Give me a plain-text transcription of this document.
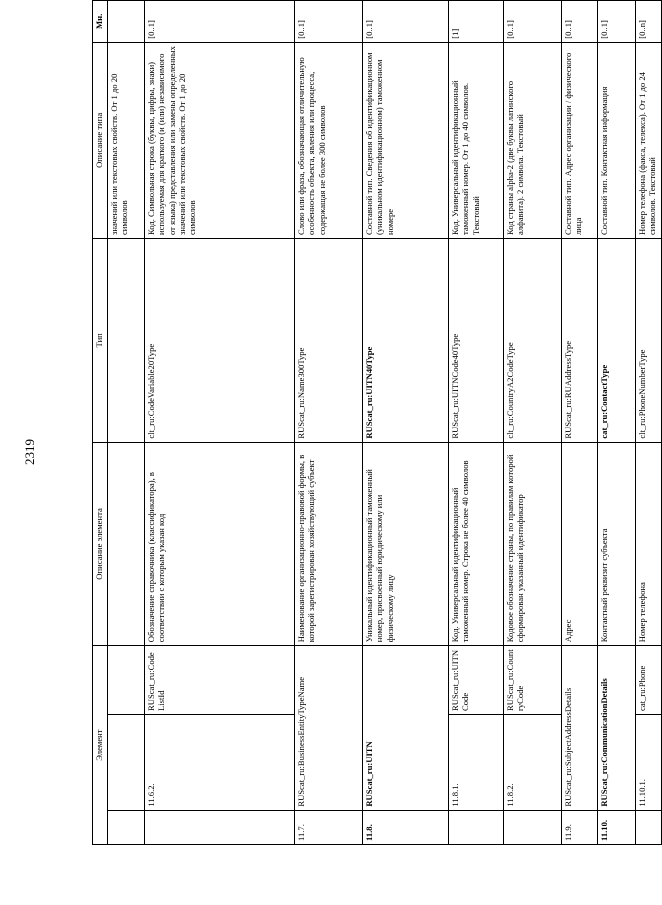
2319
Элемент			Описание элемента	Тип	Описание типа	Мн.
					значений или текстовых свойств. От 1 до 20 символов	
	11.6.2.	RUScat_ru:CodeListId	Обозначение справочника (классификатора), в соответствии с которым указан код	clt_ru:CodeVariable20Type	Код. Символьная строка (буквы, цифры, знаки) используемая для краткого (и (или) независимого от языка) представления или замены определенных значений или текстовых свойств. От 1 до 20 символов	[0..1]
11.7.	RUScat_ru:BusinessEntityTypeName		Наименование организационно-правовой формы, в которой зарегистрирован хозяйствующий субъект	RUScat_ru:Name300Type	Слово или фраза, обозначающая отличительную особенность объекта, явления или процесса, содержащая не более 300 символов	[0..1]
11.8.	RUScat_ru:UITN		Уникальный идентификационный таможенный номер, присвоенный юридическому или физическому лицу	RUScat_ru:UITN40Type	Составной тип. Сведения об идентификационном (уникальном идентификационном) таможенном номере	[0..1]
	11.8.1.	RUScat_ru:UITNCode	Код. Универсальный идентификационный таможенный номер. Строка не более 40 символов	RUScat_ru:UITNCode40Type	Код. Универсальный идентификационный таможенный номер. От 1 до 40 символов. Текстовый	[1]
	11.8.2.	RUScat_ru:CountryCode	Кодовое обозначение страны, по правилам которой сформирован указанный идентификатор	clt_ru:CountryA2CodeType	Код страны alpha-2 (две буквы латинского алфавита). 2 символа. Текстовый	[0..1]
11.9.	RUScat_ru:SubjectAddressDetails		Адрес	RUScat_ru:RUAddressType	Составной тип. Адрес организации / физического лица	[0..1]
11.10.	RUScat_ru:CommunicationDetails		Контактный реквизит субъекта	cat_ru:ContactType	Составной тип. Контактная информация	[0..1]
	11.10.1.	cat_ru:Phone	Номер телефона	clt_ru:PhoneNumberType	Номер телефона (факса, телекса). От 1 до 24 символов. Текстовый	[0..n]
